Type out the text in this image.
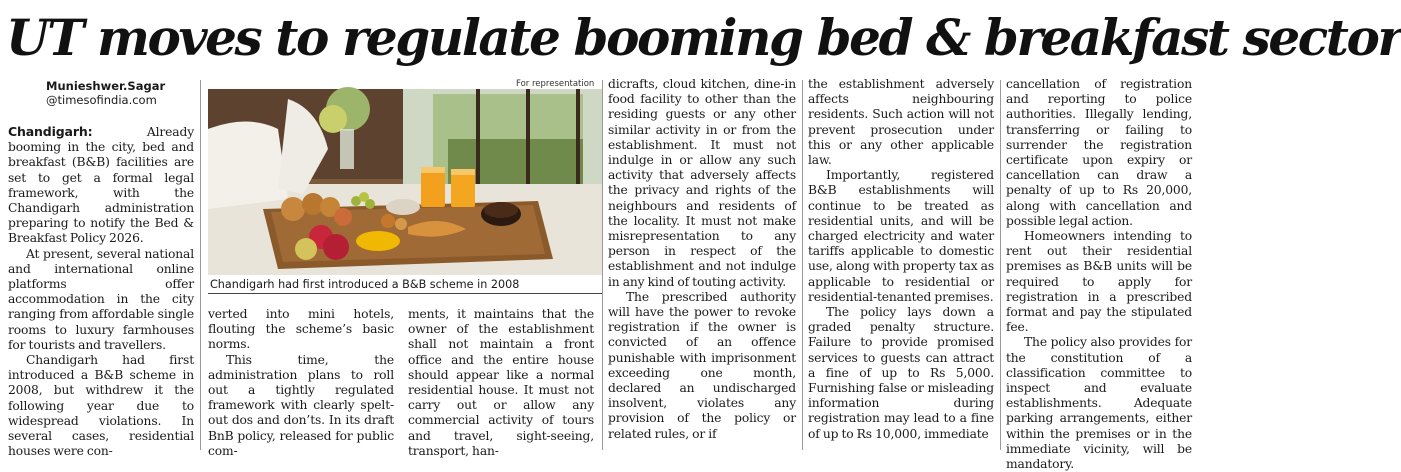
UT moves to regulate booming bed & breakfast sector
Munieshwer.Sagar
@timesofindia.com
For representation
Chandigarh had first introduced a B&B scheme in 2008

Chandigarh:	Already booming in the city, bed and breakfast (B&B) facilities are set to get a formal legal framework, with the Chandigarh administration preparing to notify the Bed & Breakfast Policy 2026.

At present, several national and international online platforms offer accommodation in the city ranging from affordable single rooms to luxury farmhouses for tourists and travellers.

Chandigarh had first introduced a B&B scheme in 2008, but withdrew it the following year due to widespread violations. In several cases, residential houses were con-

verted into mini hotels, flouting the scheme’s basic norms.

This time, the administration plans to roll out a tightly regulated framework with clearly spelt-out dos and don’ts. In its draft BnB policy, released for public com-

ments, it maintains that the owner of the establishment shall not maintain a front office and the entire house should appear like a normal residential house. It must not carry out or allow any commercial activity of tours and travel, sight-seeing, transport, han-

dicrafts, cloud kitchen, dine-in food facility to other than the residing guests or any other similar activity in or from the establishment. It must not indulge in or allow any such activity that adversely affects the privacy and rights of the neighbours and residents of the locality. It must not make misrepresentation to any person in respect of the establishment and not indulge in any kind of touting activity.

The prescribed authority will have the power to revoke registration if the owner is convicted of an offence punishable with imprisonment exceeding one month, declared an undischarged insolvent, violates any provision of the policy or related rules, or if

the establishment adversely affects neighbouring residents. Such action will not prevent prosecution under this or any other applicable law.

Importantly, registered B&B establishments will continue to be treated as residential units, and will be charged electricity and water tariffs applicable to domestic use, along with property tax as applicable to residential or residential-tenanted premises.

The policy lays down a graded penalty structure. Failure to provide promised services to guests can attract a fine of up to Rs 5,000. Furnishing false or misleading information during registration may lead to a fine of up to Rs 10,000, immediate

cancellation of registration and reporting to police authorities. Illegally lending, transferring or failing to surrender the registration certificate upon expiry or cancellation can draw a penalty of up to Rs 20,000, along with cancellation and possible legal action.

Homeowners intending to rent out their residential premises as B&B units will be required to apply for registration in a prescribed format and pay the stipulated fee.

The policy also provides for the constitution of a classification committee to inspect and evaluate establishments. Adequate parking arrangements, either within the premises or in the immediate vicinity, will be mandatory.
